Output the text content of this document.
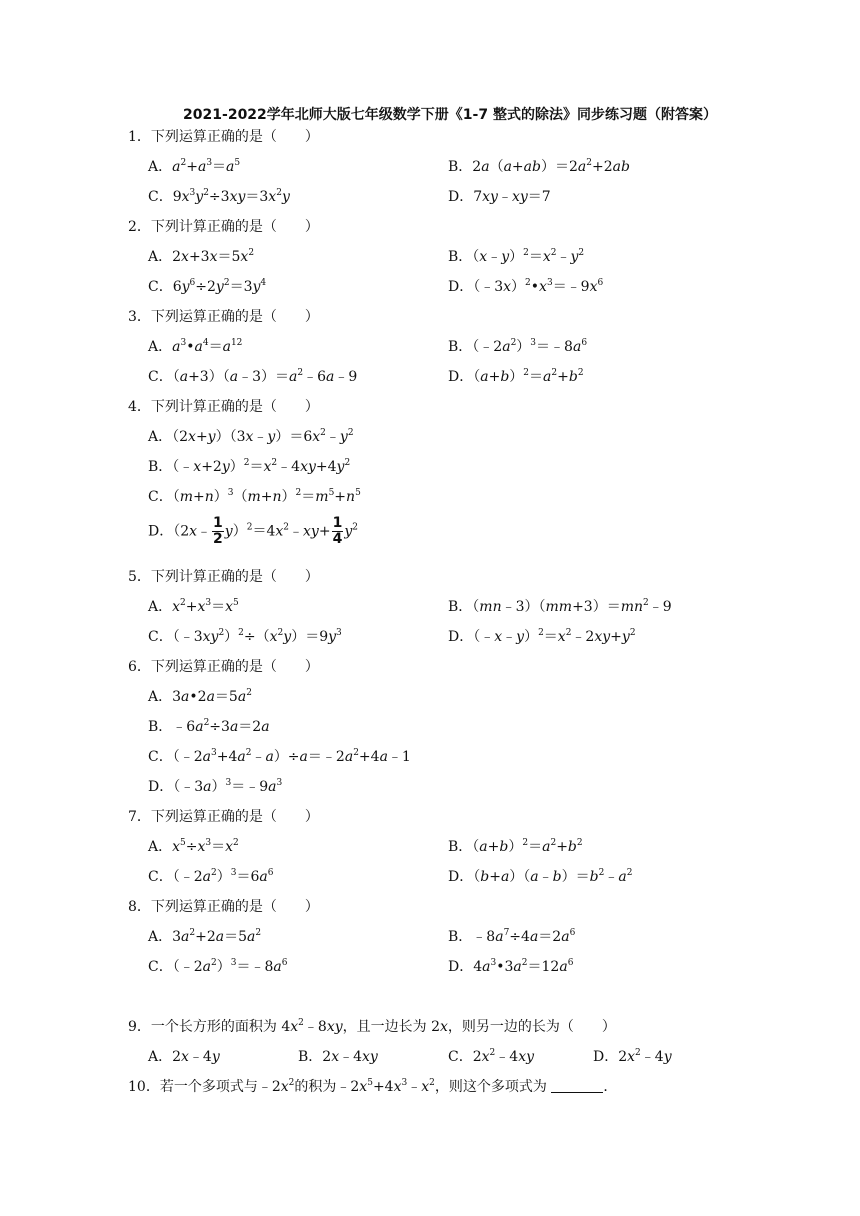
2021-2022学年北师大版七年级数学下册《1-7 整式的除法》同步练习题（附答案）
1．下列运算正确的是（　　）
A．$a^2+a^3=a^5$	B．$2a(a+ab)=2a^2+2ab$
C．$9x^3y^2\div 3xy=3x^2y$	D．7xy﹣xy＝7
2．下列计算正确的是（　　）
A．$2x+3x=5x^2$	B．$(x﹣y)^2=x^2﹣y^2$
C．$6y^6\div 2y^2=3y^4$	D．$(﹣3x)^2•x^3=﹣9x^6$
3．下列运算正确的是（　　）
A．$a^3•a^4=a^{12}$	B．$(﹣2a^2)^3=﹣8a^6$
C．$(a+3)(a﹣3)=a^2﹣6a﹣9$	D．$(a+b)^2=a^2+b^2$
4．下列计算正确的是（　　）
A．$(2x+y)(3x﹣y)=6x^2﹣y^2$
B．$(﹣x+2y)^2=x^2﹣4xy+4y^2$
C．$(m+n)^3(m+n)^2=m^5+n^5$
D．（2x﹣ $\frac{1}{2}$ $y)^2=4x^2﹣xy+ \frac{1}{4} y^2$
5．下列计算正确的是（　　）
A．$x^2+x^3=x^5$	B．$(mn﹣3)(mm+3)=mn^2﹣9$
C．$(﹣3xy^2)^2\div(x^2y)=9y^3$	D．$(﹣x﹣y)^2=x^2﹣2xy+y^2$
6．下列运算正确的是（　　）
A．$3a•2a=5a^2$
B．$﹣6a^2\div 3a=2a$
C．$(﹣2a^3+4a^2﹣a)\div a=﹣2a^2+4a﹣1$
D．$(﹣3a)^3=﹣9a^3$
7．下列运算正确的是（　　）
A．$x^5\div x^3=x^2$	B．$(a+b)^2=a^2+b^2$
C．$(﹣2a^2)^3=6a^6$	D．$(b+a)(a﹣b)=b^2﹣a^2$
8．下列运算正确的是（　　）
A．$3a^2+2a=5a^2$	B．$﹣8a^7\div 4a=2a^6$
C．$(﹣2a^2)^3=﹣8a^6$	D．$4a^3•3a^2=12a^6$
9．一个长方形的面积为 $4x^2﹣8xy$，且一边长为 2x，则另一边的长为（　　）
A．2x﹣4y	B．2x﹣4xy	C．$2x^2﹣4xy$	D．$2x^2﹣4y$
10．若一个多项式与$﹣2x^2$的积为$﹣2x^5+4x^3﹣x^2$，则这个多项式为	．
